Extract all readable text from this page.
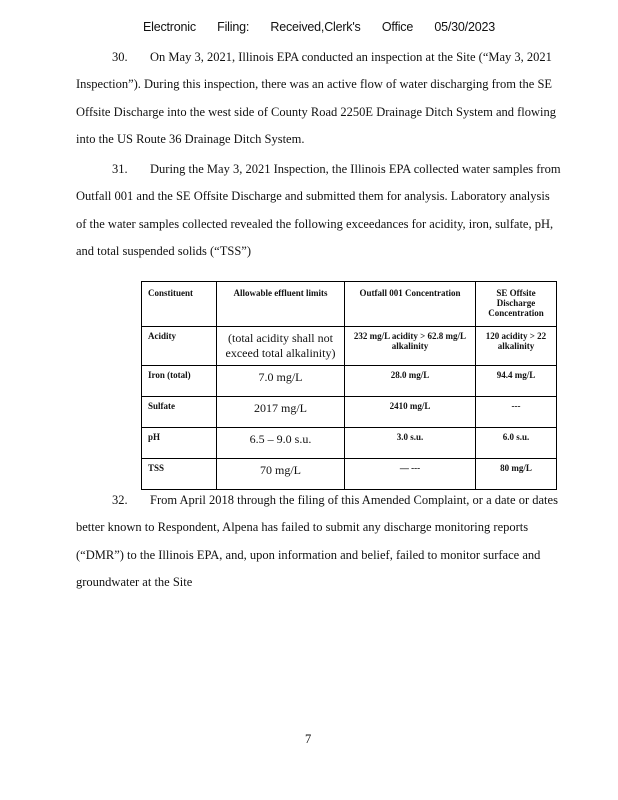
Electronic Filing: Received,Clerk's Office 05/30/2023
30. On May 3, 2021, Illinois EPA conducted an inspection at the Site (“May 3, 2021
Inspection”). During this inspection, there was an active flow of water discharging from the SE
Offsite Discharge into the west side of County Road 2250E Drainage Ditch System and flowing
into the US Route 36 Drainage Ditch System.
31. During the May 3, 2021 Inspection, the Illinois EPA collected water samples from
Outfall 001 and the SE Offsite Discharge and submitted them for analysis. Laboratory analysis
of the water samples collected revealed the following exceedances for acidity, iron, sulfate, pH,
and total suspended solids (“TSS”)
Constituent	Allowable effluent limits	Outfall 001 Concentration	SE Offsite Discharge Concentration
Acidity	(total acidity shall not exceed total alkalinity)	232 mg/L acidity > 62.8 mg/L alkalinity	120 acidity > 22 alkalinity
Iron (total)	7.0 mg/L	28.0 mg/L	94.4 mg/L
Sulfate	2017 mg/L	2410 mg/L	---
pH	6.5 – 9.0 s.u.	3.0 s.u.	6.0 s.u.
TSS	70 mg/L	— ---	80 mg/L
32. From April 2018 through the filing of this Amended Complaint, or a date or dates
better known to Respondent, Alpena has failed to submit any discharge monitoring reports
(“DMR”) to the Illinois EPA, and, upon information and belief, failed to monitor surface and
groundwater at the Site
7
